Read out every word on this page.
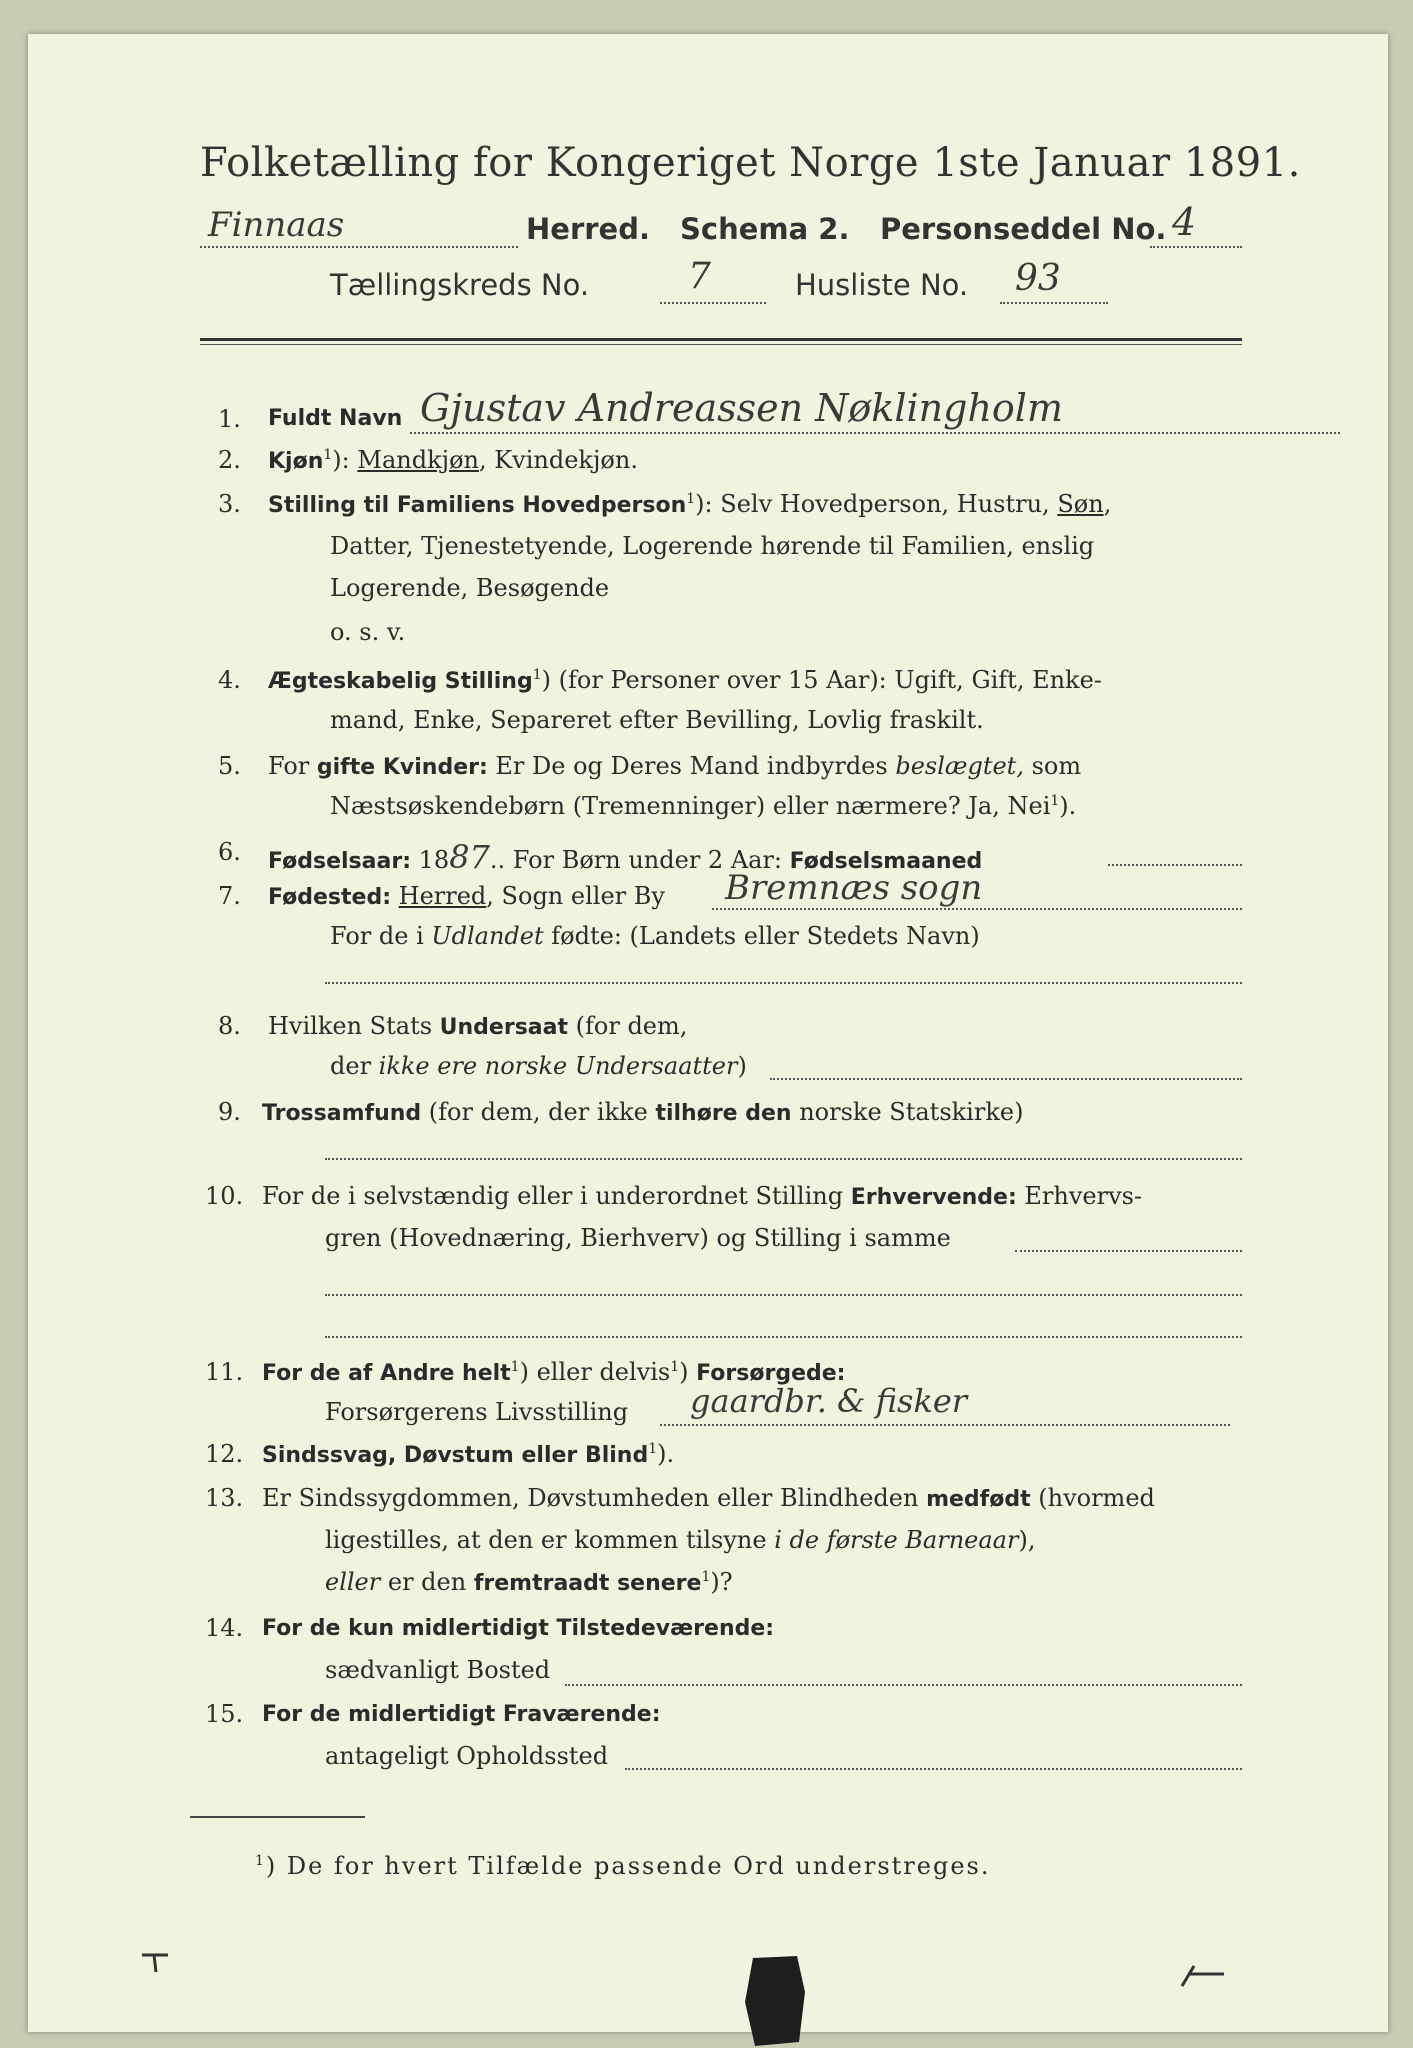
Folketælling for Kongeriget Norge 1ste Januar 1891.
Finnaas	Herred. Schema 2. Personseddel No. 4
Tællingskreds No.	7	Husliste No. 93
1. Fuldt Navn Gjustav Andreassen Nøklingholm
2. Kjøn$^1$): Mandkjøn, Kvindekjøn.
3. Stilling til Familiens Hovedperson$^1$): Selv Hovedperson, Hustru, Søn,
Datter, Tjenestetyende, Logerende hørende til Familien, enslig
Logerende, Besøgende
o. s. v.
4. Ægteskabelig Stilling$^1$) (for Personer over 15 Aar): Ugift, Gift, Enke-
mand, Enke, Separeret efter Bevilling, Lovlig fraskilt.
5. For gifte Kvinder: Er De og Deres Mand indbyrdes beslægtet, som
Næstsøskendebørn (Tremenninger) eller nærmere? Ja, Nei$^1$).
6. Fødselsaar: 1887.. For Børn under 2 Aar: Fødselsmaaned
7. Fødested: Herred, Sogn eller By Bremnæs sogn
For de i Udlandet fødte: (Landets eller Stedets Navn)
8. Hvilken Stats Undersaat (for dem,
der ikke ere norske Undersaatter)
9. Trossamfund (for dem, der ikke tilhøre den norske Statskirke)
10. For de i selvstændig eller i underordnet Stilling Erhvervende: Erhvervs-
gren (Hovednæring, Bierhverv) og Stilling i samme
11. For de af Andre helt$^1$) eller delvis$^1$) Forsørgede:
Forsørgerens Livsstilling gaardbr. & fisker
12. Sindssvag, Døvstum eller Blind$^1$).
13. Er Sindssygdommen, Døvstumheden eller Blindheden medfødt (hvormed
ligestilles, at den er kommen tilsyne i de første Barneaar),
eller er den fremtraadt senere$^1$)?
14. For de kun midlertidigt Tilstedeværende:
sædvanligt Bosted
15. For de midlertidigt Fraværende:
antageligt Opholdssted
$^1$) De for hvert Tilfælde passende Ord understreges.
